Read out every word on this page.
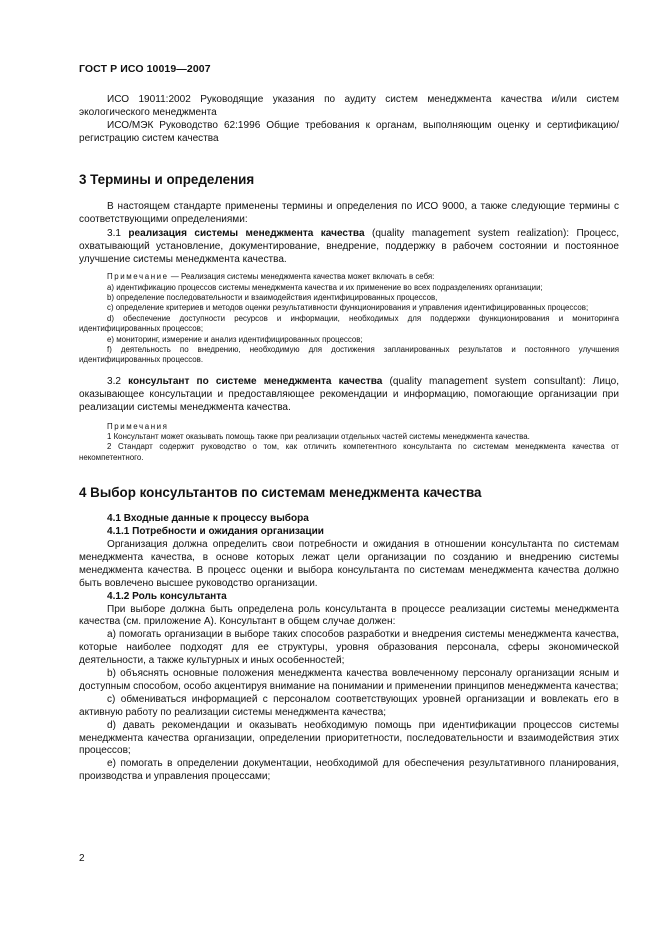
ГОСТ Р ИСО 10019—2007

ИСО 19011:2002 Руководящие указания по аудиту систем менеджмента качества и/или систем экологического менеджмента

ИСО/МЭК Руководство 62:1996 Общие требования к органам, выполняющим оценку и сертификацию/регистрацию систем качества

3 Термины и определения

В настоящем стандарте применены термины и определения по ИСО 9000, а также следующие термины с соответствующими определениями:

3.1 реализация системы менеджмента качества (quality management system realization): Процесс, охватывающий установление, документирование, внедрение, поддержку в рабочем состоянии и постоянное улучшение системы менеджмента качества.

Примечание — Реализация системы менеджмента качества может включать в себя:

a) идентификацию процессов системы менеджмента качества и их применение во всех подразделениях организации;

b) определение последовательности и взаимодействия идентифицированных процессов,

c) определение критериев и методов оценки результативности функционирования и управления идентифицированных процессов;

d) обеспечение доступности ресурсов и информации, необходимых для поддержки функционирования и мониторинга идентифицированных процессов;

e) мониторинг, измерение и анализ идентифицированных процессов;

f) деятельность по внедрению, необходимую для достижения запланированных результатов и постоянного улучшения идентифицированных процессов.

3.2 консультант по системе менеджмента качества (quality management system consultant): Лицо, оказывающее консультации и предоставляющее рекомендации и информацию, помогающие организации при реализации системы менеджмента качества.

Примечания

1 Консультант может оказывать помощь также при реализации отдельных частей системы менеджмента качества.

2 Стандарт содержит руководство о том, как отличить компетентного консультанта по системам менеджмента качества от некомпетентного.

4 Выбор консультантов по системам менеджмента качества

4.1 Входные данные к процессу выбора

4.1.1 Потребности и ожидания организации

Организация должна определить свои потребности и ожидания в отношении консультанта по системам менеджмента качества, в основе которых лежат цели организации по созданию и внедрению системы менеджмента качества. В процесс оценки и выбора консультанта по системам менеджмента качества должно быть вовлечено высшее руководство организации.

4.1.2 Роль консультанта

При выборе должна быть определена роль консультанта в процессе реализации системы менеджмента качества (см. приложение А). Консультант в общем случае должен:

a) помогать организации в выборе таких способов разработки и внедрения системы менеджмента качества, которые наиболее подходят для ее структуры, уровня образования персонала, сферы экономической деятельности, а также культурных и иных особенностей;

b) объяснять основные положения менеджмента качества вовлеченному персоналу организации ясным и доступным способом, особо акцентируя внимание на понимании и применении принципов менеджмента качества;

c) обмениваться информацией с персоналом соответствующих уровней организации и вовлекать его в активную работу по реализации системы менеджмента качества;

d) давать рекомендации и оказывать необходимую помощь при идентификации процессов системы менеджмента качества организации, определении приоритетности, последовательности и взаимодействия этих процессов;

e) помогать в определении документации, необходимой для обеспечения результативного планирования, производства и управления процессами;

2
